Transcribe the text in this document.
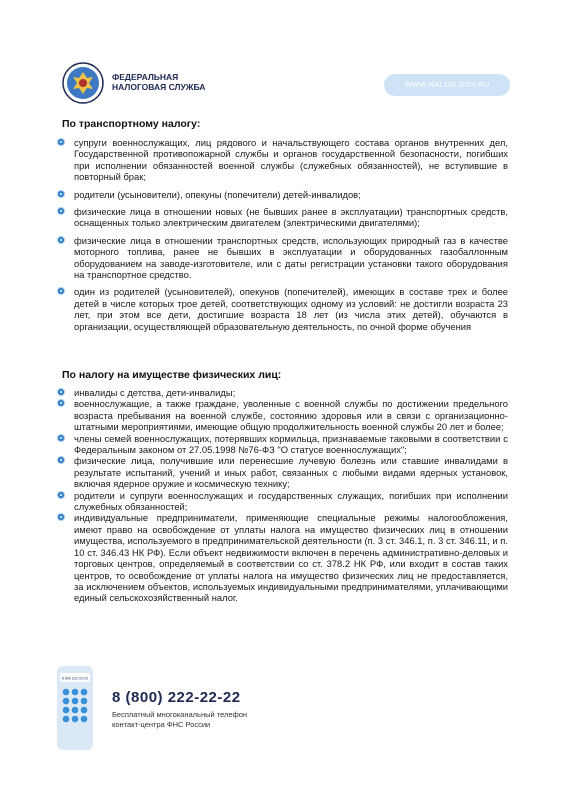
ФЕДЕРАЛЬНАЯ
НАЛОГОВАЯ СЛУЖБА	WWW.NALOG.GOV.RU
По транспортному налогу:
супруги военнослужащих, лиц рядового и начальствующего состава органов внутренних дел, Государственной противопожарной службы и органов государственной безопасности, погибших при исполнении обязанностей военной службы (служебных обязанностей), не вступившие в повторный брак;
родители (усыновители), опекуны (попечители) детей-инвалидов;
физические лица в отношении новых (не бывших ранее в эксплуатации) транспортных средств, оснащенных только электрическим двигателем (электрическими двигателями);
физические лица в отношении транспортных средств, использующих природный газ в качестве моторного топлива, ранее не бывших в эксплуатации и оборудованных газобаллонным оборудованием на заводе-изготовителе, или с даты регистрации установки такого оборудования на транспортное средство.
один из родителей (усыновителей), опекунов (попечителей), имеющих в составе трех и более детей в числе которых трое детей, соответствующих одному из условий: не достигли возраста 23 лет, при этом все дети, достигшие возраста 18 лет (из числа этих детей), обучаются в организации, осуществляющей образовательную деятельность, по очной форме обучения
По налогу на имуществе физических лиц:
инвалиды с детства, дети-инвалиды;
военнослужащие, а также граждане, уволенные с военной службы по достижении предельного возраста пребывания на военной службе, состоянию здоровья или в связи с организационно-штатными мероприятиями, имеющие общую продолжительность военной службы 20 лет и более;
члены семей военнослужащих, потерявших кормильца, признаваемые таковыми в соответствии с Федеральным законом от 27.05.1998 №76-ФЗ "О статусе военнослужащих";
физические лица, получившие или перенесшие лучевую болезнь или ставшие инвалидами в результате испытаний, учений и иных работ, связанных с любыми видами ядерных установок, включая ядерное оружие и космическую технику;
родители и супруги военнослужащих и государственных служащих, погибших при исполнении служебных обязанностей;
индивидуальные предприниматели, применяющие специальные режимы налогообложения, имеют право на освобождение от уплаты налога на имущество физических лиц в отношении имущества, используемого в предпринимательской деятельности (п. 3 ст. 346.1, п. 3 ст. 346.11, и п. 10 ст. 346.43 НК РФ). Если объект недвижимости включен в перечень административно-деловых и торговых центров, определяемый в соответствии со ст. 378.2 НК РФ, или входит в состав таких центров, то освобождение от уплаты налога на имущество физических лиц не предоставляется, за исключением объектов, используемых индивидуальными предпринимателями, уплачивающими единый сельскохозяйственный налог.
8 800 222-22-22
8 (800) 222-22-22
Бесплатный многоканальный телефон
контакт-центра ФНС России
